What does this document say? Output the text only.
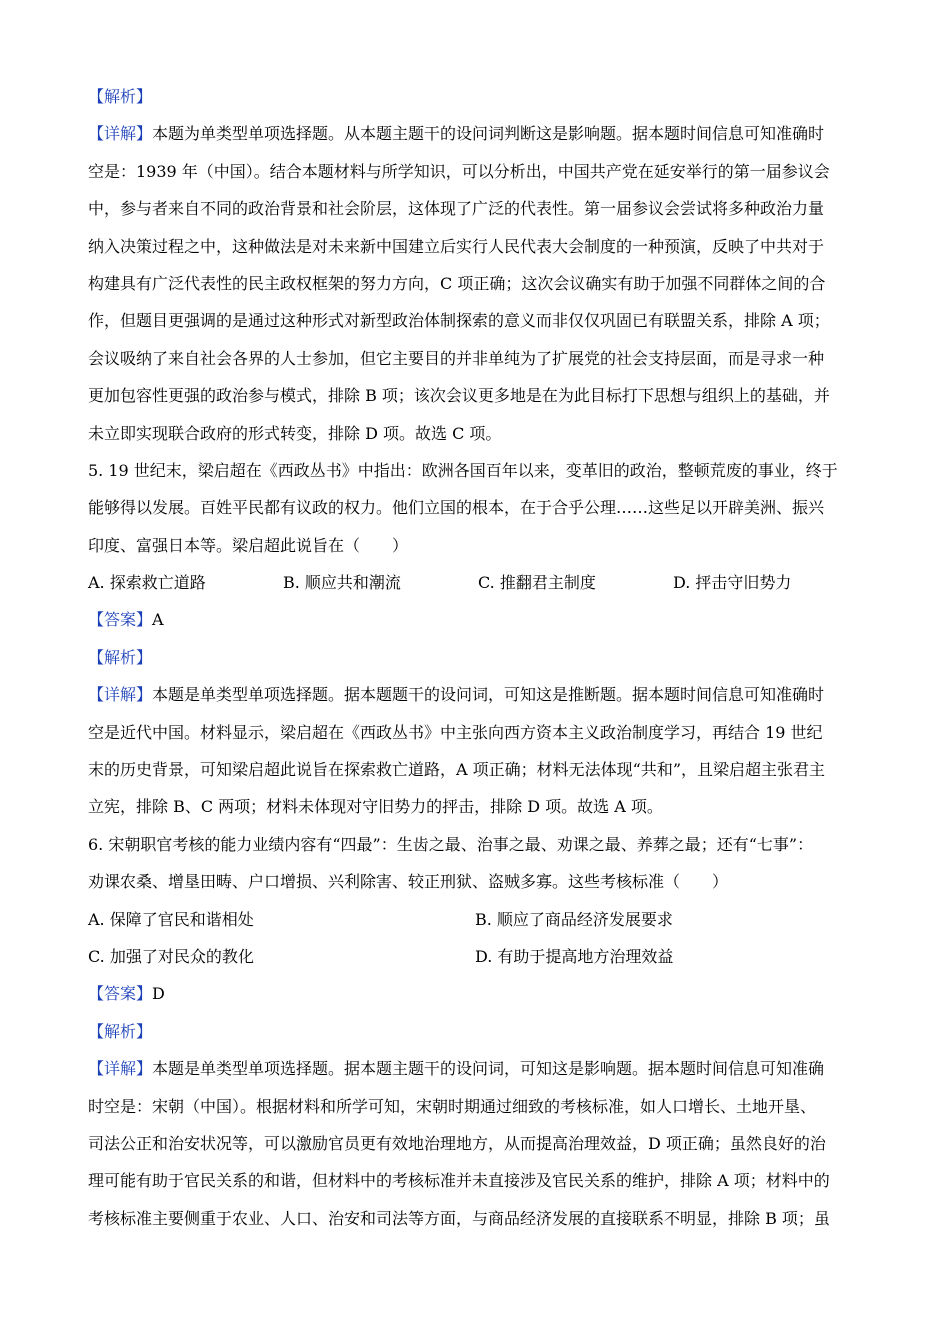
【解析】
【详解】本题为单类型单项选择题。从本题主题干的设问词判断这是影响题。据本题时间信息可知准确时
空是：1939 年（中国）。结合本题材料与所学知识，可以分析出，中国共产党在延安举行的第一届参议会
中，参与者来自不同的政治背景和社会阶层，这体现了广泛的代表性。第一届参议会尝试将多种政治力量
纳入决策过程之中，这种做法是对未来新中国建立后实行人民代表大会制度的一种预演，反映了中共对于
构建具有广泛代表性的民主政权框架的努力方向，C 项正确；这次会议确实有助于加强不同群体之间的合
作，但题目更强调的是通过这种形式对新型政治体制探索的意义而非仅仅巩固已有联盟关系，排除 A 项；
会议吸纳了来自社会各界的人士参加，但它主要目的并非单纯为了扩展党的社会支持层面，而是寻求一种
更加包容性更强的政治参与模式，排除 B 项；该次会议更多地是在为此目标打下思想与组织上的基础，并
未立即实现联合政府的形式转变，排除 D 项。故选 C 项。
5. 19 世纪末，梁启超在《西政丛书》中指出：欧洲各国百年以来，变革旧的政治，整顿荒废的事业，终于
能够得以发展。百姓平民都有议政的权力。他们立国的根本，在于合乎公理……这些足以开辟美洲、振兴
印度、富强日本等。梁启超此说旨在（　　）
A. 探索救亡道路	B. 顺应共和潮流	C. 推翻君主制度	D. 抨击守旧势力
【答案】A
【解析】
【详解】本题是单类型单项选择题。据本题题干的设问词，可知这是推断题。据本题时间信息可知准确时
空是近代中国。材料显示，梁启超在《西政丛书》中主张向西方资本主义政治制度学习，再结合 19 世纪
末的历史背景，可知梁启超此说旨在探索救亡道路，A 项正确；材料无法体现“共和”，且梁启超主张君主
立宪，排除 B、C 两项；材料未体现对守旧势力的抨击，排除 D 项。故选 A 项。
6. 宋朝职官考核的能力业绩内容有“四最”：生齿之最、治事之最、劝课之最、养葬之最；还有“七事”：
劝课农桑、增垦田畴、户口增损、兴利除害、较正刑狱、盗贼多寡。这些考核标准（　　）
A. 保障了官民和谐相处	B. 顺应了商品经济发展要求
C. 加强了对民众的教化	D. 有助于提高地方治理效益
【答案】D
【解析】
【详解】本题是单类型单项选择题。据本题主题干的设问词，可知这是影响题。据本题时间信息可知准确
时空是：宋朝（中国）。根据材料和所学可知，宋朝时期通过细致的考核标准，如人口增长、土地开垦、
司法公正和治安状况等，可以激励官员更有效地治理地方，从而提高治理效益，D 项正确；虽然良好的治
理可能有助于官民关系的和谐，但材料中的考核标准并未直接涉及官民关系的维护，排除 A 项；材料中的
考核标准主要侧重于农业、人口、治安和司法等方面，与商品经济发展的直接联系不明显，排除 B 项；虽
